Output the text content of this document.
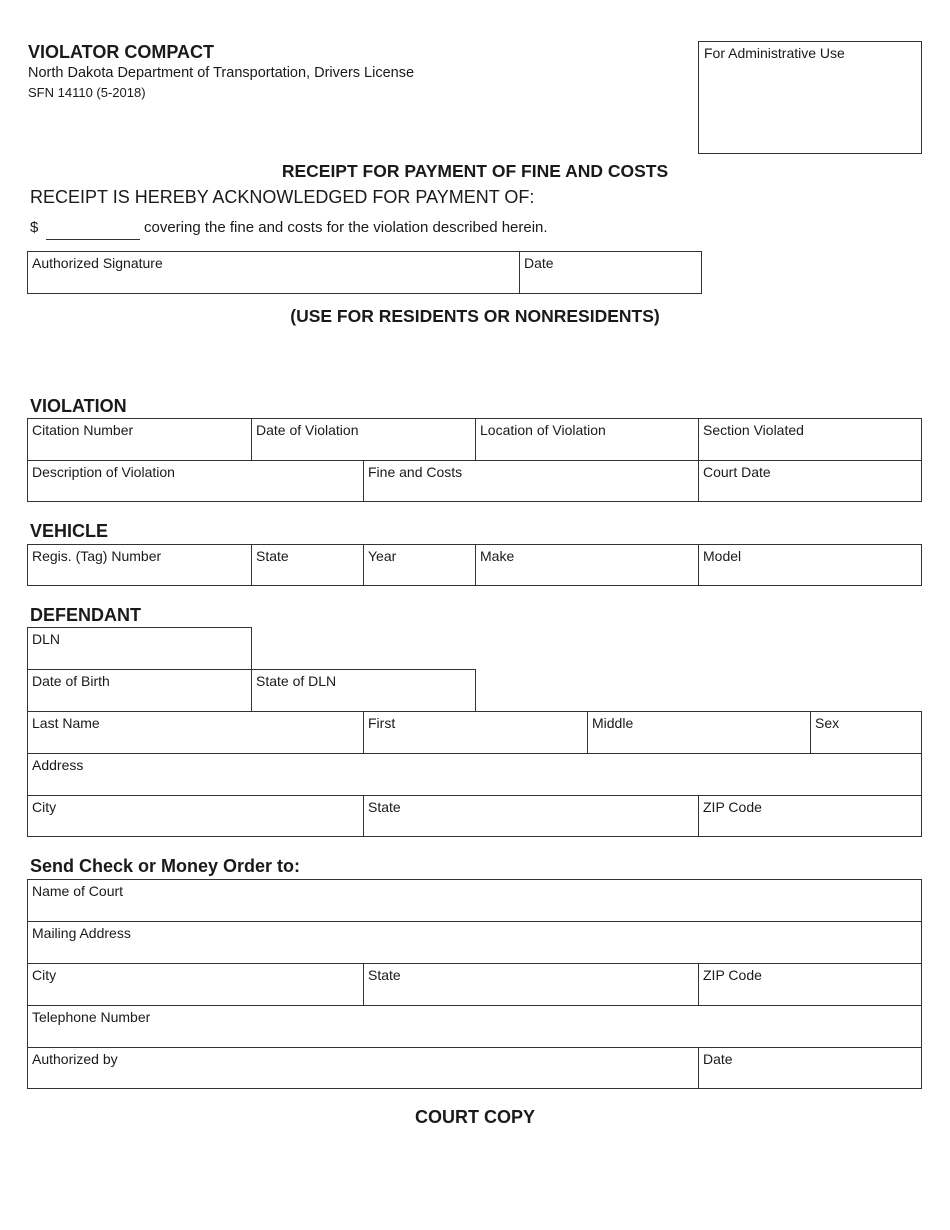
VIOLATOR COMPACT
North Dakota Department of Transportation, Drivers License
SFN 14110 (5-2018)
For Administrative Use
RECEIPT FOR PAYMENT OF FINE AND COSTS
RECEIPT IS HEREBY ACKNOWLEDGED FOR PAYMENT OF:
$	covering the fine and costs for the violation described herein.
Authorized Signature	Date
(USE FOR RESIDENTS OR NONRESIDENTS)
VIOLATION
Citation Number	Date of Violation	Location of Violation	Section Violated
Description of Violation	Fine and Costs	Court Date
VEHICLE
Regis. (Tag) Number	State	Year	Make	Model
DEFENDANT
DLN
Date of Birth	State of DLN
Last Name	First	Middle	Sex
Address
City	State	ZIP Code
Send Check or Money Order to:
Name of Court
Mailing Address
City	State	ZIP Code
Telephone Number
Authorized by	Date
COURT COPY
